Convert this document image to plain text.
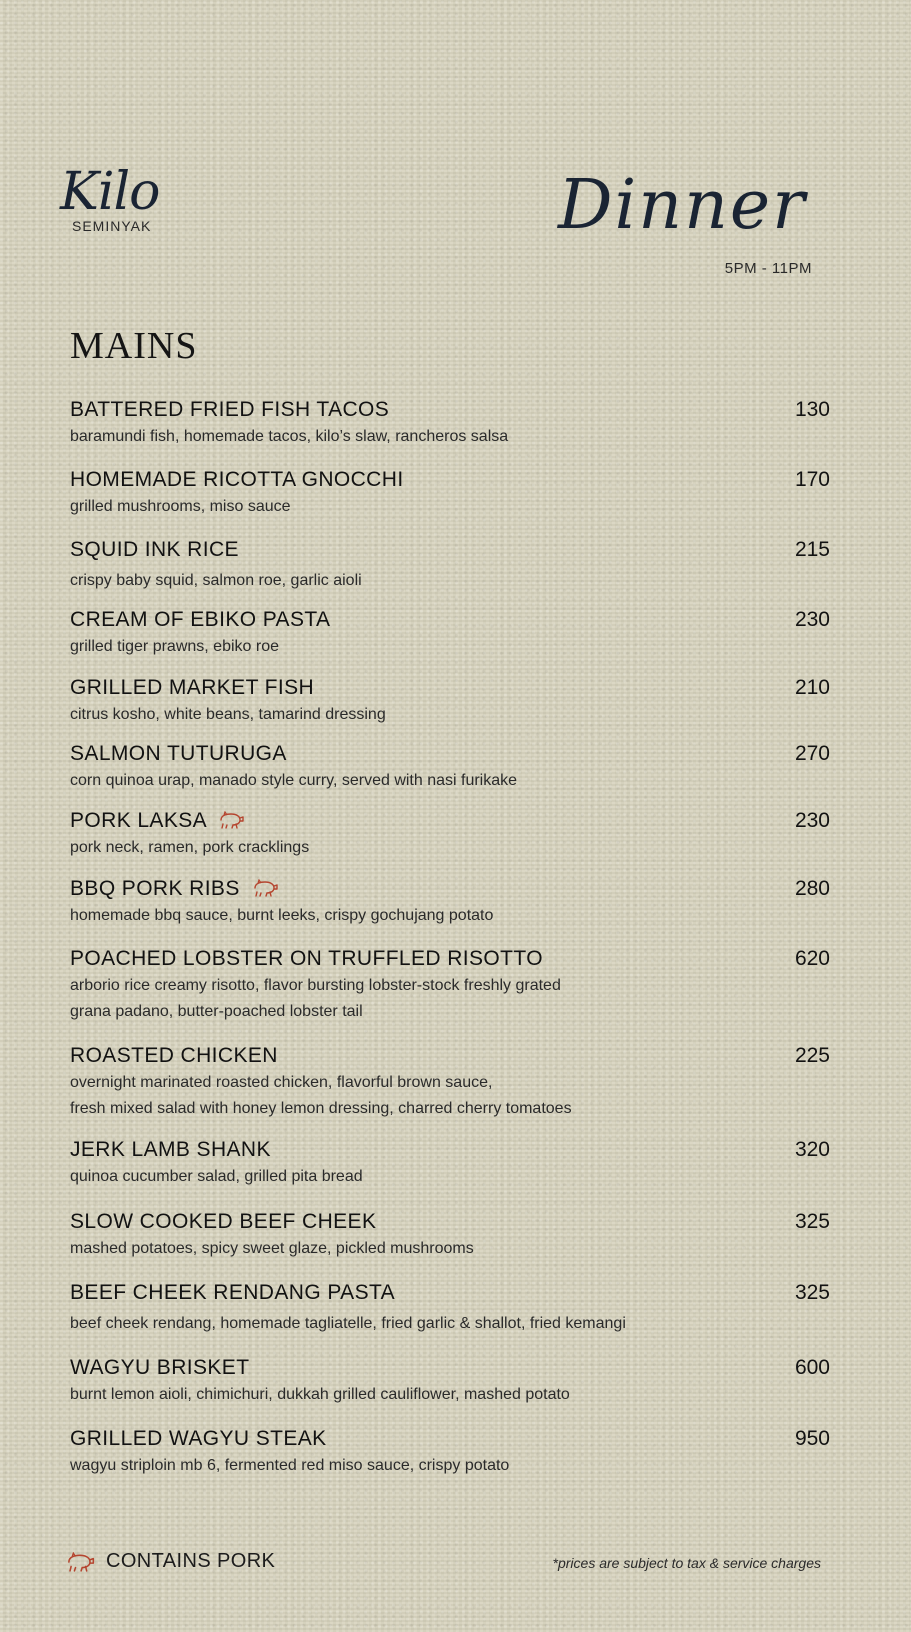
Kilo
SEMINYAK	Dinner
5PM - 11PM
MAINS
BATTERED FRIED FISH TACOS
baramundi fish, homemade tacos, kilo’s slaw, rancheros salsa
130
HOMEMADE RICOTTA GNOCCHI
grilled mushrooms, miso sauce
170
SQUID INK RICE
crispy baby squid, salmon roe, garlic aioli
215
CREAM OF EBIKO PASTA
grilled tiger prawns, ebiko roe
230
GRILLED MARKET FISH
citrus kosho, white beans, tamarind dressing
210
SALMON TUTURUGA
corn quinoa urap, manado style curry, served with nasi furikake
270
PORK LAKSA
pork neck, ramen, pork cracklings
230
BBQ PORK RIBS
homemade bbq sauce, burnt leeks, crispy gochujang potato
280
POACHED LOBSTER ON TRUFFLED RISOTTO
arborio rice creamy risotto, flavor bursting lobster-stock freshly grated
grana padano, butter-poached lobster tail
620
ROASTED CHICKEN
overnight marinated roasted chicken, flavorful brown sauce,
fresh mixed salad with honey lemon dressing, charred cherry tomatoes
225
JERK LAMB SHANK
quinoa cucumber salad, grilled pita bread
320
SLOW COOKED BEEF CHEEK
mashed potatoes, spicy sweet glaze, pickled mushrooms
325
BEEF CHEEK RENDANG PASTA
beef cheek rendang, homemade tagliatelle, fried garlic & shallot, fried kemangi
325
WAGYU BRISKET
burnt lemon aioli, chimichuri, dukkah grilled cauliflower, mashed potato
600
GRILLED WAGYU STEAK
wagyu striploin mb 6, fermented red miso sauce, crispy potato
950
CONTAINS PORK	*prices are subject to tax & service charges
